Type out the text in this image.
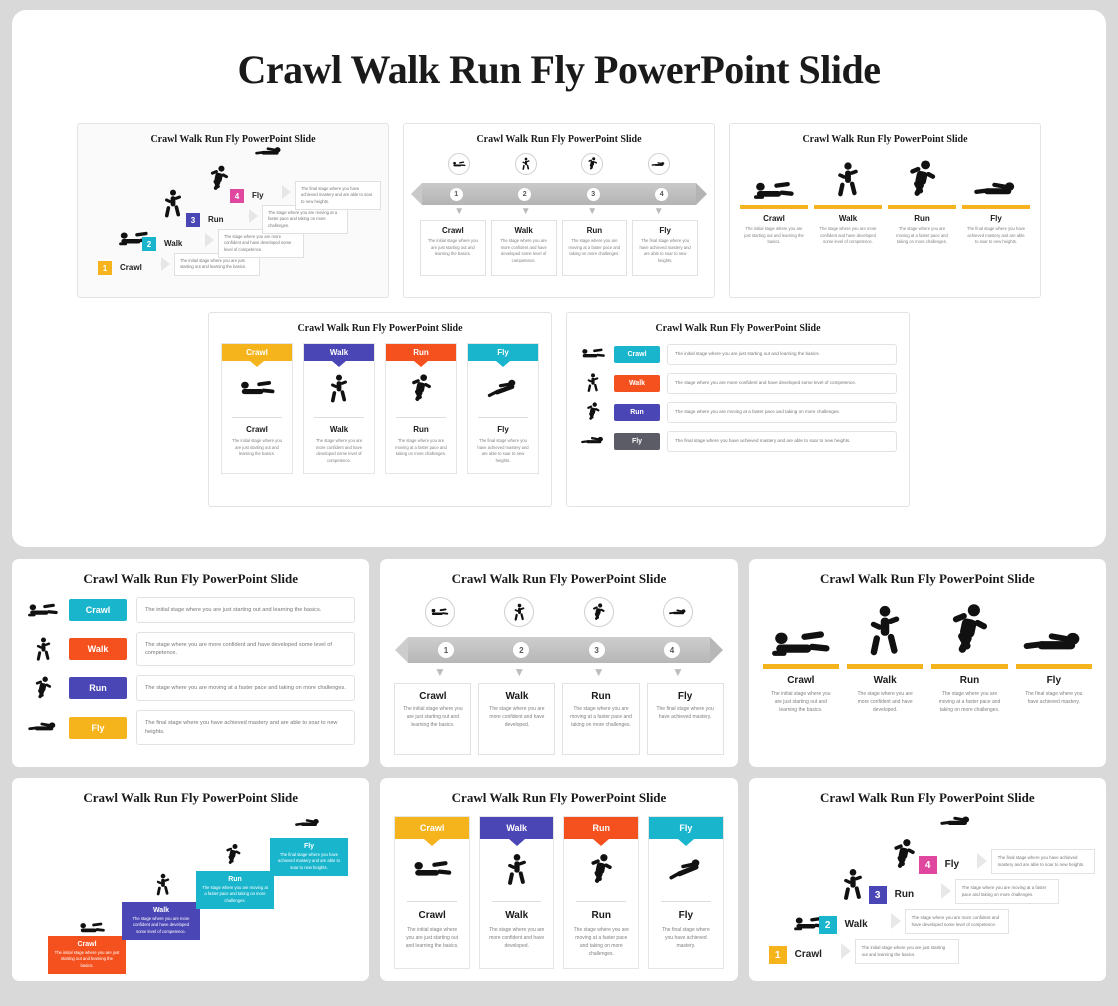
Crawl Walk Run Fly PowerPoint Slide
Crawl Walk Run Fly PowerPoint Slide
1 Crawl
The initial stage where you are just starting out and learning the basics.
2 Walk
The stage where you are more confident and have developed some level of competence.
3 Run
The stage where you are moving at a faster pace and taking on more challenges.
4 Fly
The final stage where you have achieved mastery and are able to soar to new heights.
Crawl Walk Run Fly PowerPoint Slide
1	2	3	4
▼	▼	▼	▼
Crawl
The initial stage where you are just starting out and learning the basics.
Walk
The stage where you are more confident and have developed some level of competence.
Run
The stage where you are moving at a faster pace and taking on more challenges.
Fly
The final stage where you have achieved mastery and are able to soar to new heights.
Crawl Walk Run Fly PowerPoint Slide
Crawl
The initial stage where you are just starting out and learning the basics.
Walk
The stage where you are more confident and have developed some level of competence.
Run
The stage where you are moving at a faster pace and taking on more challenges.
Fly
The final stage where you have achieved mastery and are able to soar to new heights.
Crawl Walk Run Fly PowerPoint Slide
Crawl
Crawl
The initial stage where you are just starting out and learning the basics.
Walk
Walk
The stage where you are more confident and have developed some level of competence.
Run
Run
The stage where you are moving at a faster pace and taking on more challenges.
Fly
Fly
The final stage where you have achieved mastery and are able to soar to new heights.
Crawl Walk Run Fly PowerPoint Slide
Crawl	The initial stage where you are just starting out and learning the basics.
Walk	The stage where you are more confident and have developed some level of competence.
Run	The stage where you are moving at a faster pace and taking on more challenges.
Fly	The final stage where you have achieved mastery and are able to soar to new heights.
Crawl Walk Run Fly PowerPoint Slide
Crawl	The initial stage where you are just starting out and learning the basics.
Walk	The stage where you are more confident and have developed some level of competence.
Run	The stage where you are moving at a faster pace and taking on more challenges.
Fly	The final stage where you have achieved mastery and are able to soar to new heights.
Crawl Walk Run Fly PowerPoint Slide
1	2	3	4
▼	▼	▼	▼
Crawl
The initial stage where you are just starting out and learning the basics.
Walk
The stage where you are more confident and have developed.
Run
The stage where you are moving at a faster pace and taking on more challenges.
Fly
The final stage where you have achieved mastery.
Crawl Walk Run Fly PowerPoint Slide
Crawl
The initial stage where you are just starting out and learning the basics.
Walk
The stage where you are more confident and have developed.
Run
The stage where you are moving at a faster pace and taking on more challenges.
Fly
The final stage where you have achieved mastery.
Crawl Walk Run Fly PowerPoint Slide
Crawl
The initial stage where you are just starting out and learning the basics.
Walk
The stage where you are more confident and have developed some level of competence.
Run
The stage where you are moving at a faster pace and taking on more challenges.
Fly
The final stage where you have achieved mastery and are able to soar to new heights.
Crawl Walk Run Fly PowerPoint Slide
Crawl
Crawl
The initial stage where you are just starting out and learning the basics.
Walk
Walk
The stage where you are more confident and have developed.
Run
Run
The stage where you are moving at a faster pace and taking on more challenges.
Fly
Fly
The final stage where you have achieved mastery.
Crawl Walk Run Fly PowerPoint Slide
1 Crawl
The initial stage where you are just starting out and learning the basics.
2 Walk
The stage where you are more confident and have developed some level of competence.
3 Run
The stage where you are moving at a faster pace and taking on more challenges.
4 Fly
The final stage where you have achieved mastery and are able to soar to new heights.
